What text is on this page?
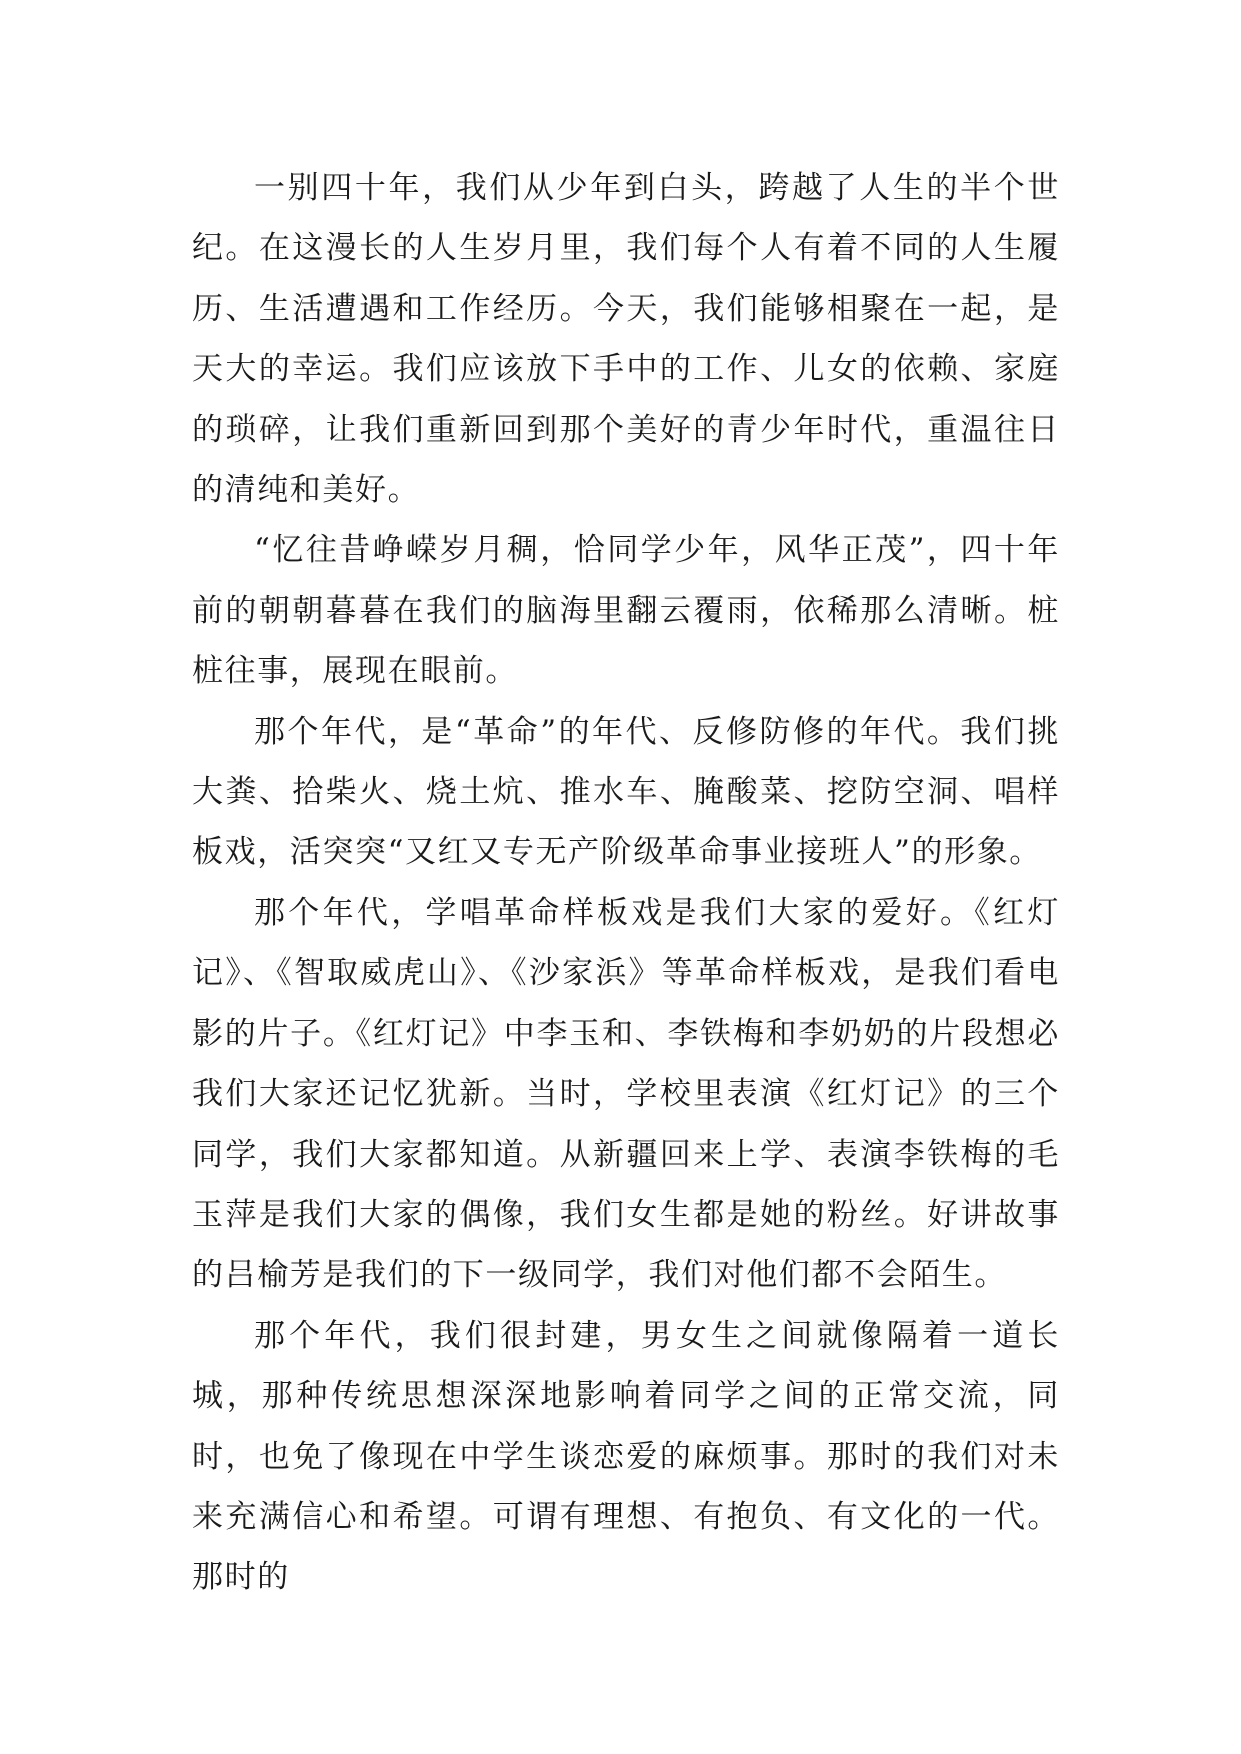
一别四十年，我们从少年到白头，跨越了人生的半个世纪。在这漫长的人生岁月里，我们每个人有着不同的人生履历、生活遭遇和工作经历。今天，我们能够相聚在一起，是天大的幸运。我们应该放下手中的工作、儿女的依赖、家庭的琐碎，让我们重新回到那个美好的青少年时代，重温往日的清纯和美好。

“忆往昔峥嵘岁月稠，恰同学少年，风华正茂”，四十年前的朝朝暮暮在我们的脑海里翻云覆雨，依稀那么清晰。桩桩往事，展现在眼前。

那个年代，是“革命”的年代、反修防修的年代。我们挑大粪、拾柴火、烧土炕、推水车、腌酸菜、挖防空洞、唱样板戏，活突突“又红又专无产阶级革命事业接班人”的形象。

那个年代，学唱革命样板戏是我们大家的爱好。《红灯记》、《智取威虎山》、《沙家浜》等革命样板戏，是我们看电影的片子。《红灯记》中李玉和、李铁梅和李奶奶的片段想必我们大家还记忆犹新。当时，学校里表演《红灯记》的三个同学，我们大家都知道。从新疆回来上学、表演李铁梅的毛玉萍是我们大家的偶像，我们女生都是她的粉丝。好讲故事的吕榆芳是我们的下一级同学，我们对他们都不会陌生。

那个年代，我们很封建，男女生之间就像隔着一道长城，那种传统思想深深地影响着同学之间的正常交流，同时，也免了像现在中学生谈恋爱的麻烦事。那时的我们对未来充满信心和希望。可谓有理想、有抱负、有文化的一代。那时的
